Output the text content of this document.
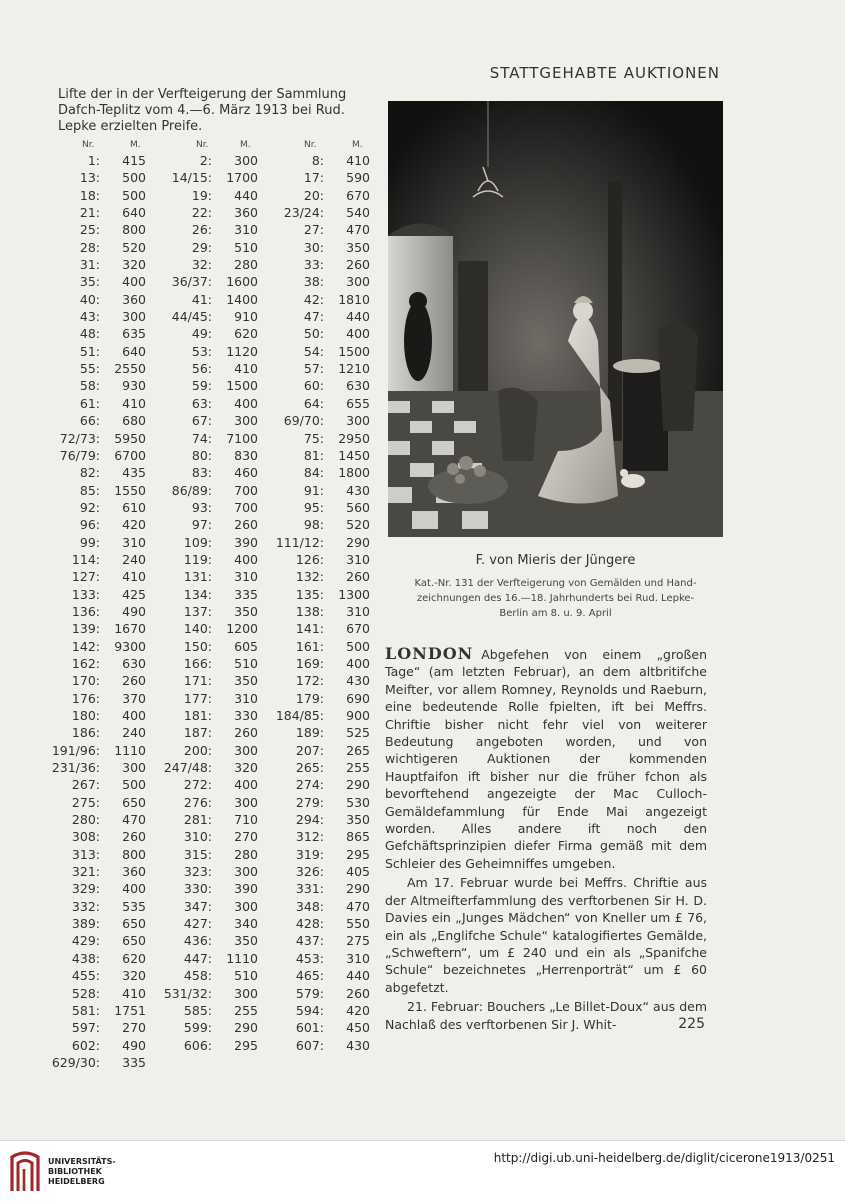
STATTGEHABTE AUKTIONEN
Lifte der in der Verfteigerung der Sammlung
Dafch-Teplitz vom 4.—6. März 1913 bei Rud.
Lepke erzielten Preife.
Nr.	M.	Nr.	M.	Nr.	M.
1:	415	2:	300	8:	410
13:	500	14/15:	1700	17:	590
18:	500	19:	440	20:	670
21:	640	22:	360	23/24:	540
25:	800	26:	310	27:	470
28:	520	29:	510	30:	350
31:	320	32:	280	33:	260
35:	400	36/37:	1600	38:	300
40:	360	41:	1400	42:	1810
43:	300	44/45:	910	47:	440
48:	635	49:	620	50:	400
51:	640	53:	1120	54:	1500
55:	2550	56:	410	57:	1210
58:	930	59:	1500	60:	630
61:	410	63:	400	64:	655
66:	680	67:	300	69/70:	300
72/73:	5950	74:	7100	75:	2950
76/79:	6700	80:	830	81:	1450
82:	435	83:	460	84:	1800
85:	1550	86/89:	700	91:	430
92:	610	93:	700	95:	560
96:	420	97:	260	98:	520
99:	310	109:	390	111/12:	290
114:	240	119:	400	126:	310
127:	410	131:	310	132:	260
133:	425	134:	335	135:	1300
136:	490	137:	350	138:	310
139:	1670	140:	1200	141:	670
142:	9300	150:	605	161:	500
162:	630	166:	510	169:	400
170:	260	171:	350	172:	430
176:	370	177:	310	179:	690
180:	400	181:	330	184/85:	900
186:	240	187:	260	189:	525
191/96:	1110	200:	300	207:	265
231/36:	300	247/48:	320	265:	255
267:	500	272:	400	274:	290
275:	650	276:	300	279:	530
280:	470	281:	710	294:	350
308:	260	310:	270	312:	865
313:	800	315:	280	319:	295
321:	360	323:	300	326:	405
329:	400	330:	390	331:	290
332:	535	347:	300	348:	470
389:	650	427:	340	428:	550
429:	650	436:	350	437:	275
438:	620	447:	1110	453:	310
455:	320	458:	510	465:	440
528:	410	531/32:	300	579:	260
581:	1751	585:	255	594:	420
597:	270	599:	290	601:	450
602:	490	606:	295	607:	430
629/30:	335
F. von Mieris der Jüngere
Kat.-Nr. 131 der Verfteigerung von Gemälden und Hand-
zeichnungen des 16.—18. Jahrhunderts bei Rud. Lepke-
Berlin am 8. u. 9. April

LONDON Abgefehen von einem „großen Tage“ (am letzten Februar), an dem altbritifche Meifter, vor allem Romney, Reynolds und Raeburn, eine bedeutende Rolle fpielten, ift bei Meffrs. Chriftie bisher nicht fehr viel von weiterer Bedeutung angeboten worden, und von wichtigeren Auktionen der kommenden Hauptfaifon ift bisher nur die früher fchon als bevorftehend angezeigte der Mac Culloch-Gemäldefammlung für Ende Mai angezeigt worden. Alles andere ift noch den Gefchäftsprinzipien diefer Firma gemäß mit dem Schleier des Geheimniffes umgeben.

Am 17. Februar wurde bei Meffrs. Chriftie aus der Altmeifterfammlung des verftorbenen Sir H. D. Davies ein „Junges Mädchen“ von Kneller um £ 76, ein als „Englifche Schule“ katalogifiertes Gemälde, „Schweftern“, um £ 240 und ein als „Spanifche Schule“ bezeichnetes „Herrenporträt“ um £ 60 abgefetzt.

21. Februar: Bouchers „Le Billet-Doux“ aus dem Nachlaß des verftorbenen Sir J. Whit-	225
UNIVERSITÄTS-
BIBLIOTHEK
HEIDELBERG
http://digi.ub.uni-heidelberg.de/diglit/cicerone1913/0251
